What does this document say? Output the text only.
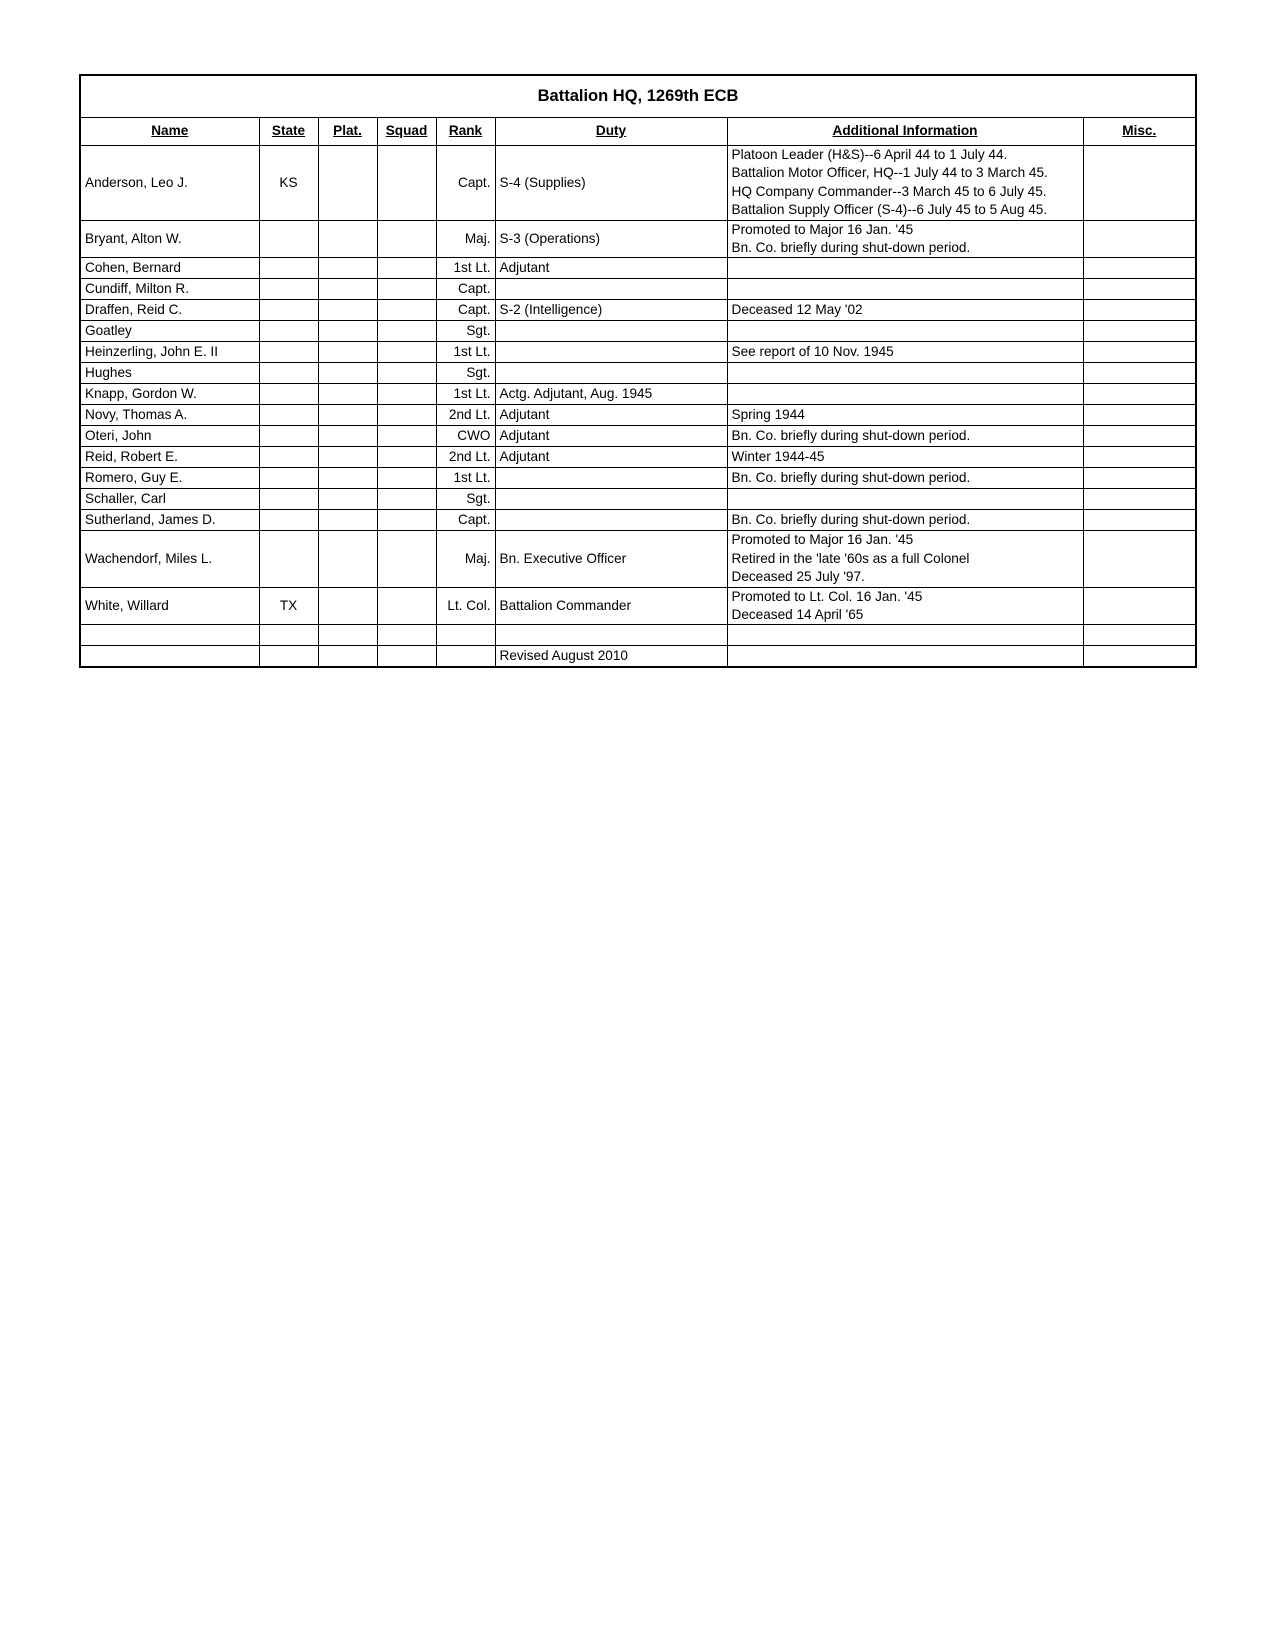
Battalion HQ, 1269th ECB							
Name	State	Plat.	Squad	Rank	Duty	Additional Information	Misc.
Anderson, Leo J.	KS			Capt.	S-4 (Supplies)	Platoon Leader (H&S)--6 April 44 to 1 July 44.
Battalion Motor Officer, HQ--1 July 44 to 3 March 45.
HQ Company Commander--3 March 45 to 6 July 45.
Battalion Supply Officer (S-4)--6 July 45 to 5 Aug 45.	

Bryant, Alton W.				Maj.	S-3 (Operations)	Promoted to Major 16 Jan. '45
Bn. Co. briefly during shut-down period.	

Cohen, Bernard				1st Lt.	Adjutant		
Cundiff, Milton R.				Capt.			
Draffen, Reid C.				Capt.	S-2 (Intelligence)	Deceased 12 May '02	

Goatley				Sgt.			
Heinzerling, John E. II				1st Lt.		See report of 10 Nov. 1945	

Hughes				Sgt.			
Knapp, Gordon W.				1st Lt.	Actg. Adjutant, Aug. 1945		
Novy, Thomas A.				2nd Lt.	Adjutant	Spring 1944	

Oteri, John				CWO	Adjutant	Bn. Co. briefly during shut-down period.	

Reid, Robert E.				2nd Lt.	Adjutant	Winter 1944-45	

Romero, Guy E.				1st Lt.		Bn. Co. briefly during shut-down period.	

Schaller, Carl				Sgt.			
Sutherland, James D.				Capt.		Bn. Co. briefly during shut-down period.	

Wachendorf, Miles L.				Maj.	Bn. Executive Officer	Promoted to Major 16 Jan. '45
Retired in the 'late '60s as a full Colonel
Deceased 25 July '97.	

White, Willard	TX			Lt. Col.	Battalion Commander	Promoted to Lt. Col. 16 Jan. '45
Deceased 14 April '65	

					Revised August 2010		
